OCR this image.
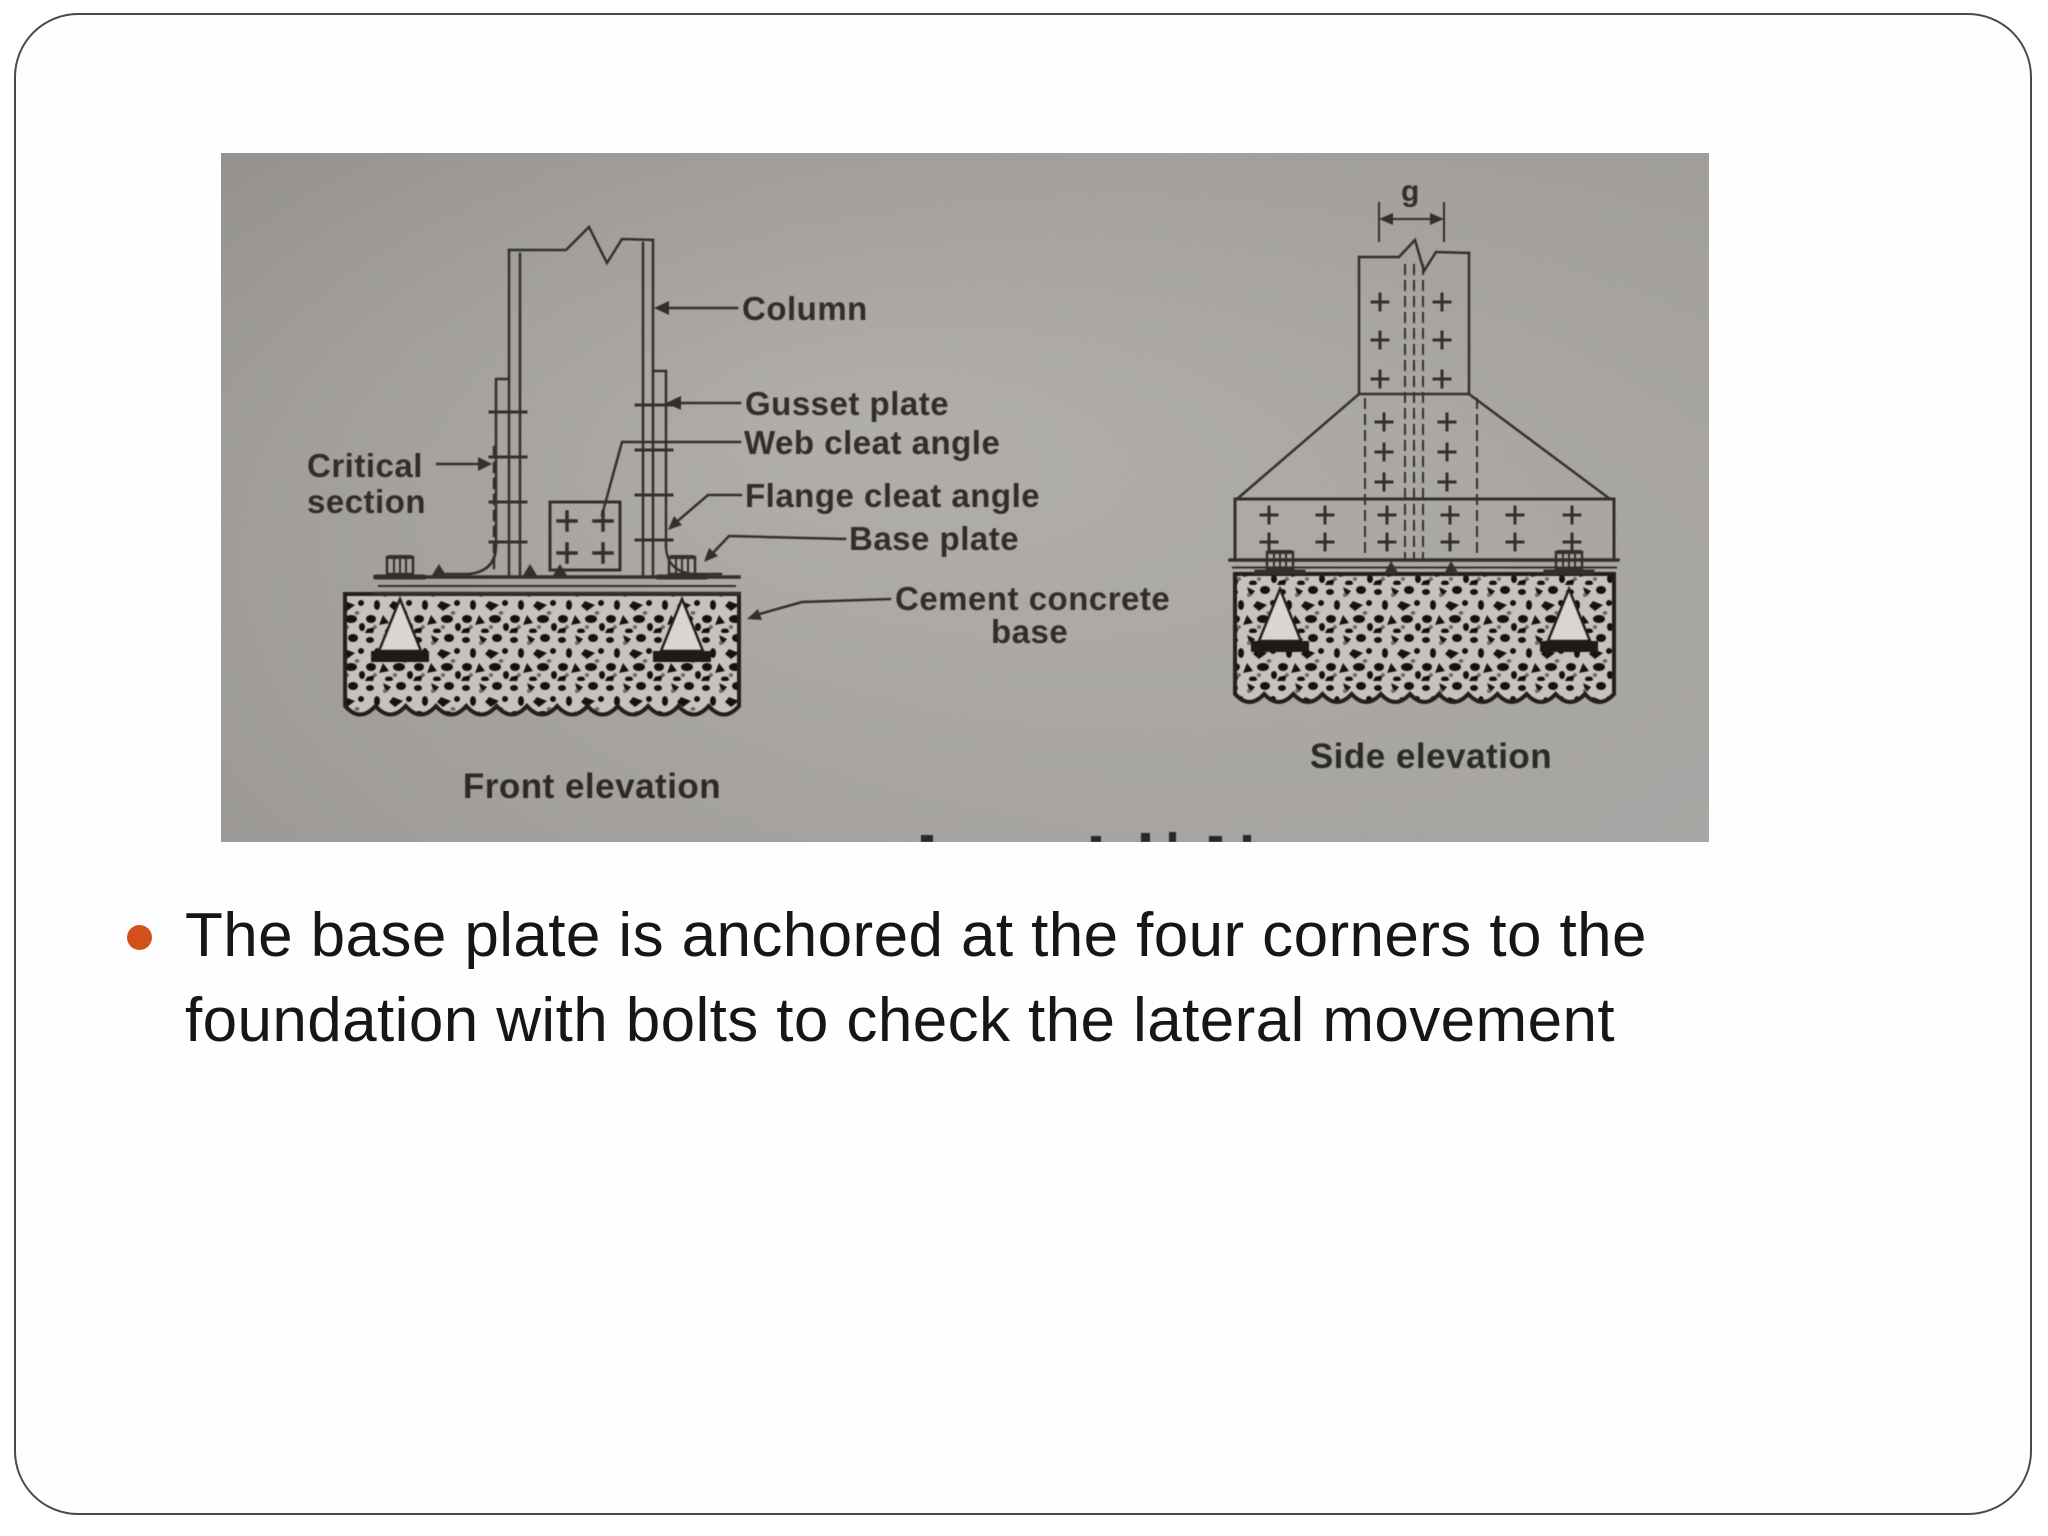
g
Column
Gusset plate
Web cleat angle
Flange cleat angle
Base plate
Cement concrete
base
Critical
section
Front elevation
Side elevation
The base plate is anchored at the four corners to the
foundation with bolts to check the lateral movement
